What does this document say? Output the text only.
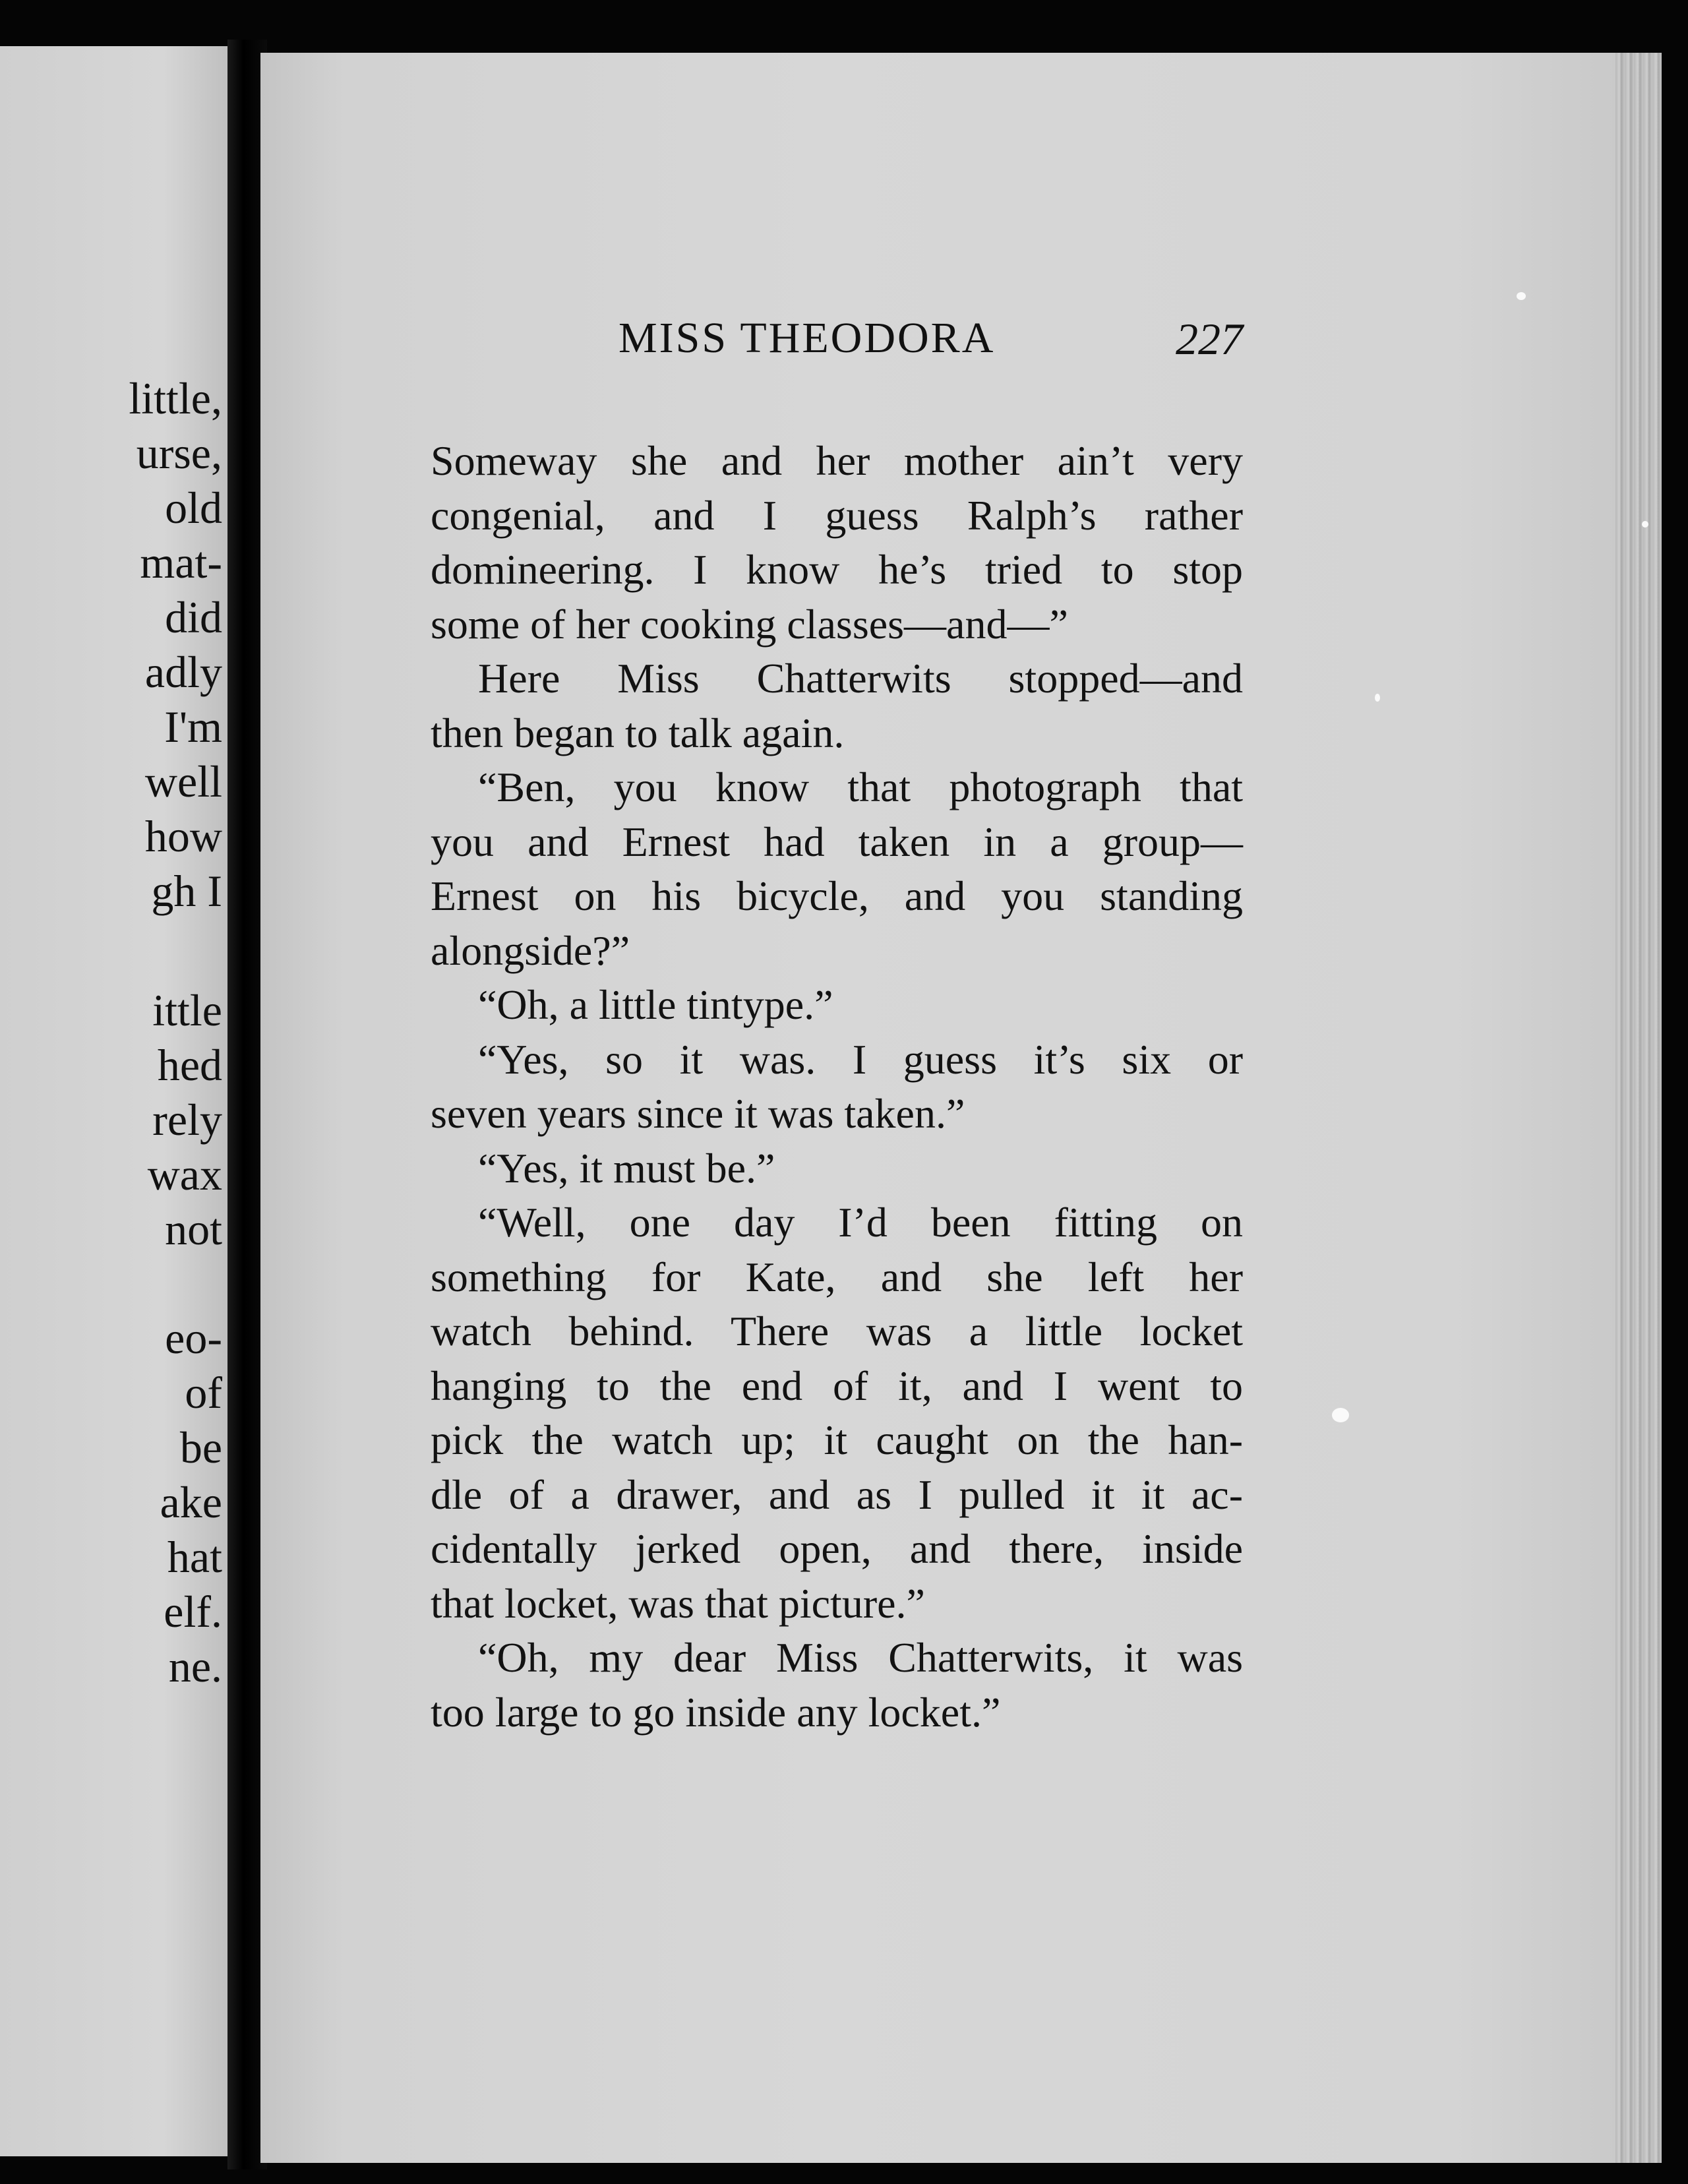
little,

urse,

old

mat-

did

adly

I'm

well

how

gh I

ittle

hed

rely

wax

not

eo-

of

be

ake

hat

elf.

ne.

MISS THEODORA	227

Someway she and her mother ain’t very

congenial, and I guess Ralph’s rather

domineering. I know he’s tried to stop

some of her cooking classes—and—”

Here Miss Chatterwits stopped—and

then began to talk again.

“Ben, you know that photograph that

you and Ernest had taken in a group—

Ernest on his bicycle, and you standing

alongside?”

“Oh, a little tintype.”

“Yes, so it was. I guess it’s six or

seven years since it was taken.”

“Yes, it must be.”

“Well, one day I’d been fitting on

something for Kate, and she left her

watch behind. There was a little locket

hanging to the end of it, and I went to

pick the watch up; it caught on the han-

dle of a drawer, and as I pulled it it ac-

cidentally jerked open, and there, inside

that locket, was that picture.”

“Oh, my dear Miss Chatterwits, it was

too large to go inside any locket.”
